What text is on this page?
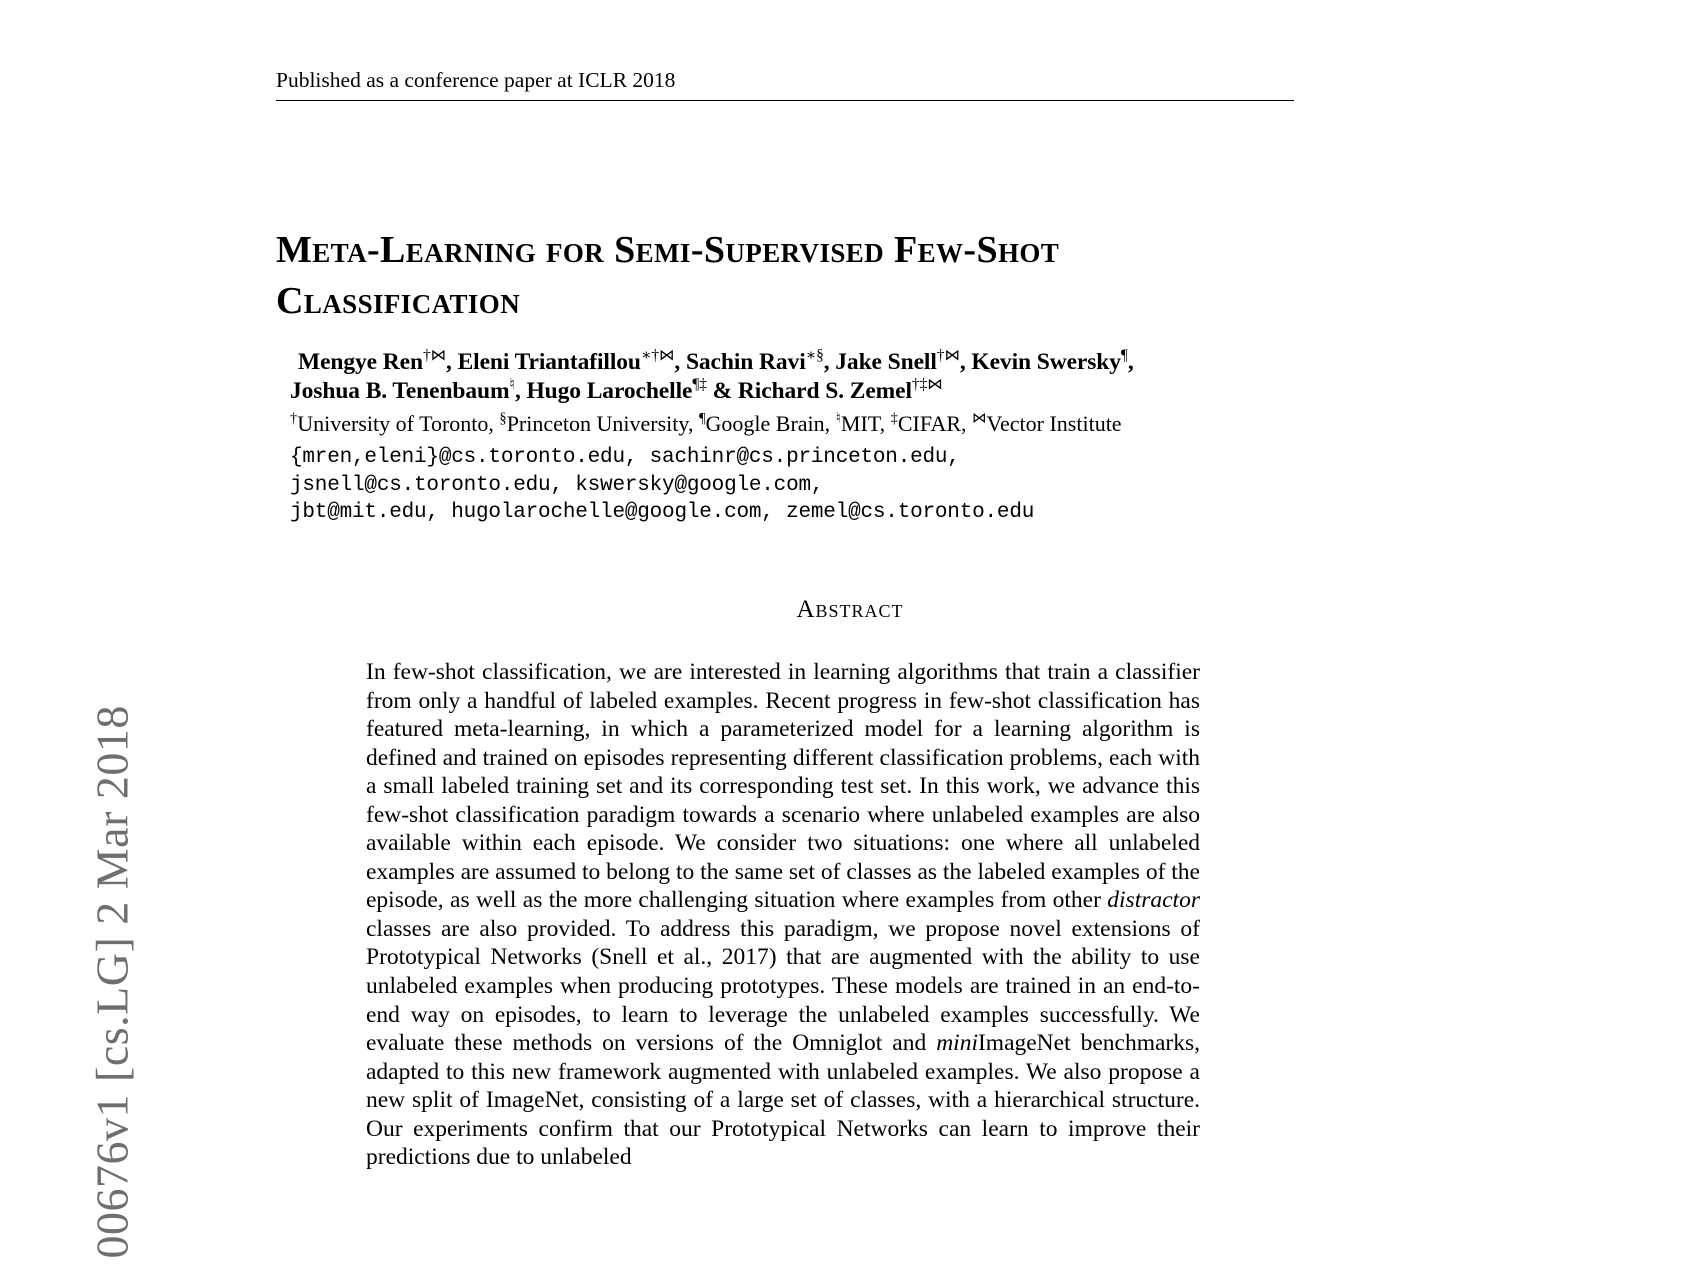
00676v1 [cs.LG] 2 Mar 2018
Published as a conference paper at ICLR 2018
Meta-Learning for Semi-Supervised Few-Shot Classification
Mengye Ren†⋈, Eleni Triantafillou∗†⋈, Sachin Ravi∗§, Jake Snell†⋈, Kevin Swersky¶,
Joshua B. Tenenbaum♮, Hugo Larochelle¶‡ & Richard S. Zemel†‡⋈
†University of Toronto, §Princeton University, ¶Google Brain, ♮MIT, ‡CIFAR, ⋈Vector Institute
{mren,eleni}@cs.toronto.edu, sachinr@cs.princeton.edu,
jsnell@cs.toronto.edu, kswersky@google.com,
jbt@mit.edu, hugolarochelle@google.com, zemel@cs.toronto.edu
Abstract

In few-shot classification, we are interested in learning algorithms that train a classifier from only a handful of labeled examples. Recent progress in few-shot classification has featured meta-learning, in which a parameterized model for a learning algorithm is defined and trained on episodes representing different classification problems, each with a small labeled training set and its corresponding test set. In this work, we advance this few-shot classification paradigm towards a scenario where unlabeled examples are also available within each episode. We consider two situations: one where all unlabeled examples are assumed to belong to the same set of classes as the labeled examples of the episode, as well as the more challenging situation where examples from other distractor classes are also provided. To address this paradigm, we propose novel extensions of Prototypical Networks (Snell et al., 2017) that are augmented with the ability to use unlabeled examples when producing prototypes. These models are trained in an end-to-end way on episodes, to learn to leverage the unlabeled examples successfully. We evaluate these methods on versions of the Omniglot and miniImageNet benchmarks, adapted to this new framework augmented with unlabeled examples. We also propose a new split of ImageNet, consisting of a large set of classes, with a hierarchical structure. Our experiments confirm that our Prototypical Networks can learn to improve their predictions due to unlabeled
